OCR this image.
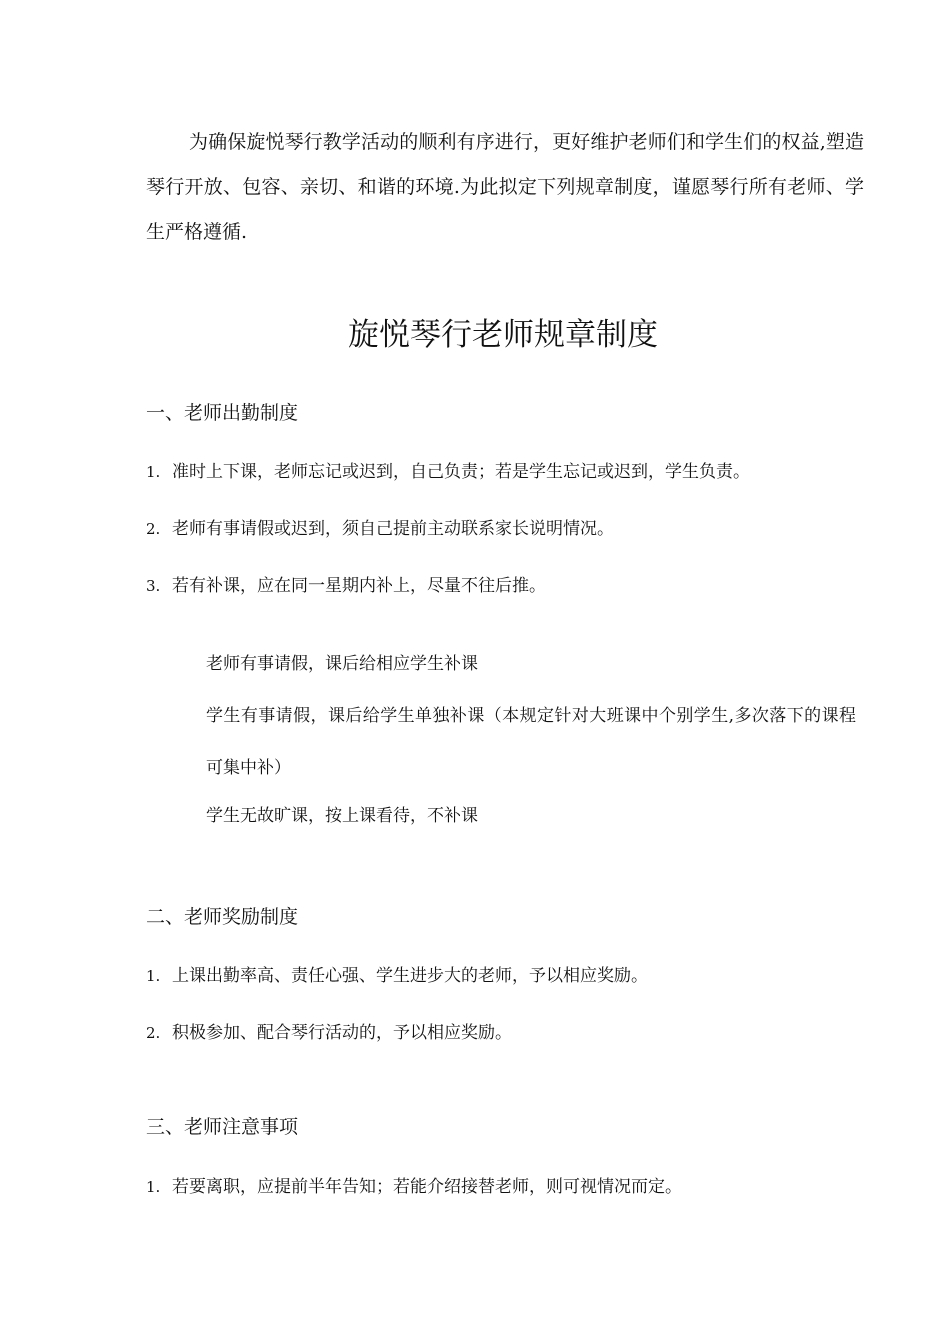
为确保旋悦琴行教学活动的顺利有序进行，更好维护老师们和学生们的权益,塑造琴行开放、包容、亲切、和谐的环境.为此拟定下列规章制度，谨愿琴行所有老师、学生严格遵循.

旋悦琴行老师规章制度
一、老师出勤制度

1. 准时上下课，老师忘记或迟到，自己负责；若是学生忘记或迟到，学生负责。

2. 老师有事请假或迟到，须自己提前主动联系家长说明情况。

3. 若有补课，应在同一星期内补上，尽量不往后推。

老师有事请假，课后给相应学生补课

学生有事请假，课后给学生单独补课（本规定针对大班课中个别学生,多次落下的课程可集中补）

学生无故旷课，按上课看待，不补课

二、老师奖励制度

1. 上课出勤率高、责任心强、学生进步大的老师，予以相应奖励。

2. 积极参加、配合琴行活动的，予以相应奖励。

三、老师注意事项

1. 若要离职，应提前半年告知；若能介绍接替老师，则可视情况而定。
